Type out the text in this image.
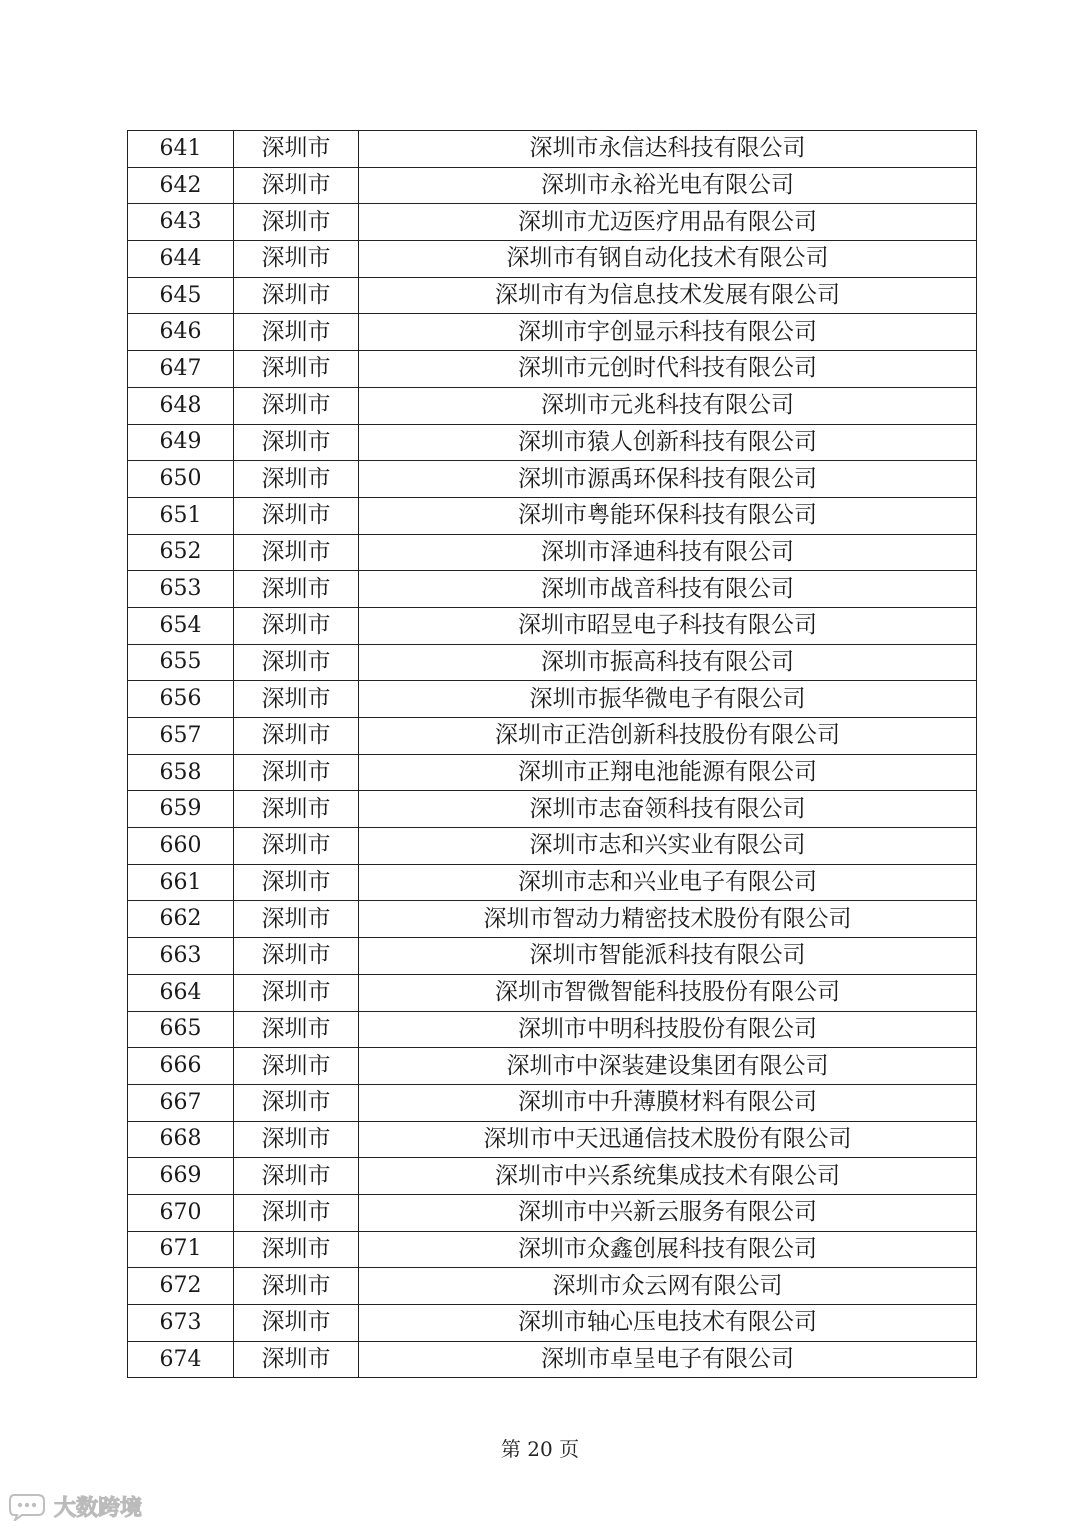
641	深圳市	深圳市永信达科技有限公司
642	深圳市	深圳市永裕光电有限公司
643	深圳市	深圳市尤迈医疗用品有限公司
644	深圳市	深圳市有钢自动化技术有限公司
645	深圳市	深圳市有为信息技术发展有限公司
646	深圳市	深圳市宇创显示科技有限公司
647	深圳市	深圳市元创时代科技有限公司
648	深圳市	深圳市元兆科技有限公司
649	深圳市	深圳市猿人创新科技有限公司
650	深圳市	深圳市源禹环保科技有限公司
651	深圳市	深圳市粤能环保科技有限公司
652	深圳市	深圳市泽迪科技有限公司
653	深圳市	深圳市战音科技有限公司
654	深圳市	深圳市昭昱电子科技有限公司
655	深圳市	深圳市振高科技有限公司
656	深圳市	深圳市振华微电子有限公司
657	深圳市	深圳市正浩创新科技股份有限公司
658	深圳市	深圳市正翔电池能源有限公司
659	深圳市	深圳市志奋领科技有限公司
660	深圳市	深圳市志和兴实业有限公司
661	深圳市	深圳市志和兴业电子有限公司
662	深圳市	深圳市智动力精密技术股份有限公司
663	深圳市	深圳市智能派科技有限公司
664	深圳市	深圳市智微智能科技股份有限公司
665	深圳市	深圳市中明科技股份有限公司
666	深圳市	深圳市中深装建设集团有限公司
667	深圳市	深圳市中升薄膜材料有限公司
668	深圳市	深圳市中天迅通信技术股份有限公司
669	深圳市	深圳市中兴系统集成技术有限公司
670	深圳市	深圳市中兴新云服务有限公司
671	深圳市	深圳市众鑫创展科技有限公司
672	深圳市	深圳市众云网有限公司
673	深圳市	深圳市轴心压电技术有限公司
674	深圳市	深圳市卓呈电子有限公司
第 20 页
大数跨境
